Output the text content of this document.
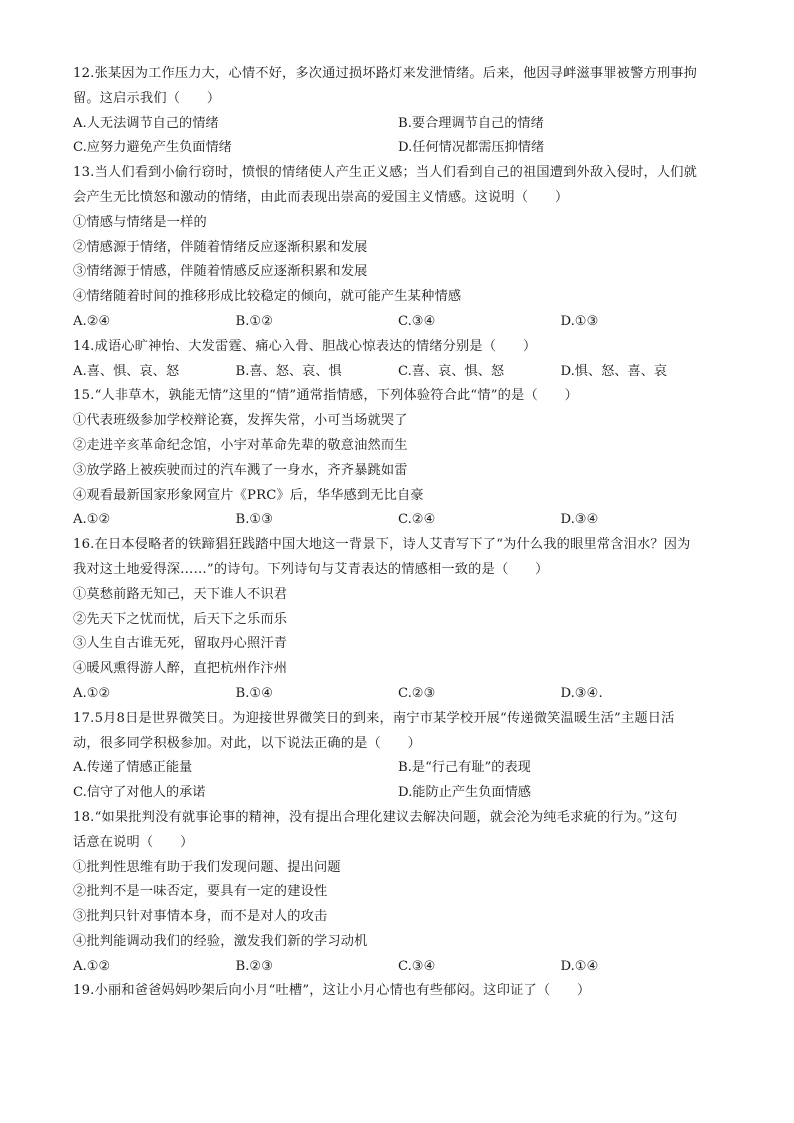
12.张某因为工作压力大，心情不好，多次通过损坏路灯来发泄情绪。后来，他因寻衅滋事罪被警方刑事拘
留。这启示我们（　　）
A.人无法调节自己的情绪	B.要合理调节自己的情绪
C.应努力避免产生负面情绪	D.任何情况都需压抑情绪
13.当人们看到小偷行窃时，愤恨的情绪使人产生正义感；当人们看到自己的祖国遭到外敌入侵时，人们就
会产生无比愤怒和激动的情绪，由此而表现出崇高的爱国主义情感。这说明（　　）
①情感与情绪是一样的
②情感源于情绪，伴随着情绪反应逐渐积累和发展
③情绪源于情感，伴随着情感反应逐渐积累和发展
④情绪随着时间的推移形成比较稳定的倾向，就可能产生某种情感
A.②④	B.①②	C.③④	D.①③
14.成语心旷神怡、大发雷霆、痛心入骨、胆战心惊表达的情绪分别是（　　）
A.喜、惧、哀、怒	B.喜、怒、哀、惧	C.喜、哀、惧、怒	D.惧、怒、喜、哀
15.“人非草木，孰能无情”这里的“情”通常指情感，下列体验符合此“情”的是（　　）
①代表班级参加学校辩论赛，发挥失常，小可当场就哭了
②走进辛亥革命纪念馆，小宇对革命先辈的敬意油然而生
③放学路上被疾驶而过的汽车溅了一身水，齐齐暴跳如雷
④观看最新国家形象网宣片《PRC》后，华华感到无比自豪
A.①②	B.①③	C.②④	D.③④
16.在日本侵略者的铁蹄猖狂践踏中国大地这一背景下，诗人艾青写下了“为什么我的眼里常含泪水？因为
我对这土地爱得深……”的诗句。下列诗句与艾青表达的情感相一致的是（　　）
①莫愁前路无知己，天下谁人不识君
②先天下之忧而忧，后天下之乐而乐
③人生自古谁无死，留取丹心照汗青
④暖风熏得游人醉，直把杭州作汴州
A.①②	B.①④	C.②③	D.③④.
17.5月8日是世界微笑日。为迎接世界微笑日的到来，南宁市某学校开展“传递微笑温暖生活”主题日活
动，很多同学积极参加。对此，以下说法正确的是（　　）
A.传递了情感正能量	B.是“行己有耻”的表现
C.信守了对他人的承诺	D.能防止产生负面情感
18.“如果批判没有就事论事的精神，没有提出合理化建议去解决问题，就会沦为纯毛求疵的行为。”这句
话意在说明（　　）
①批判性思维有助于我们发现问题、提出问题
②批判不是一味否定，要具有一定的建设性
③批判只针对事情本身，而不是对人的攻击
④批判能调动我们的经验，激发我们新的学习动机
A.①②	B.②③	C.③④	D.①④
19.小丽和爸爸妈妈吵架后向小月“吐槽”，这让小月心情也有些郁闷。这印证了（　　）
